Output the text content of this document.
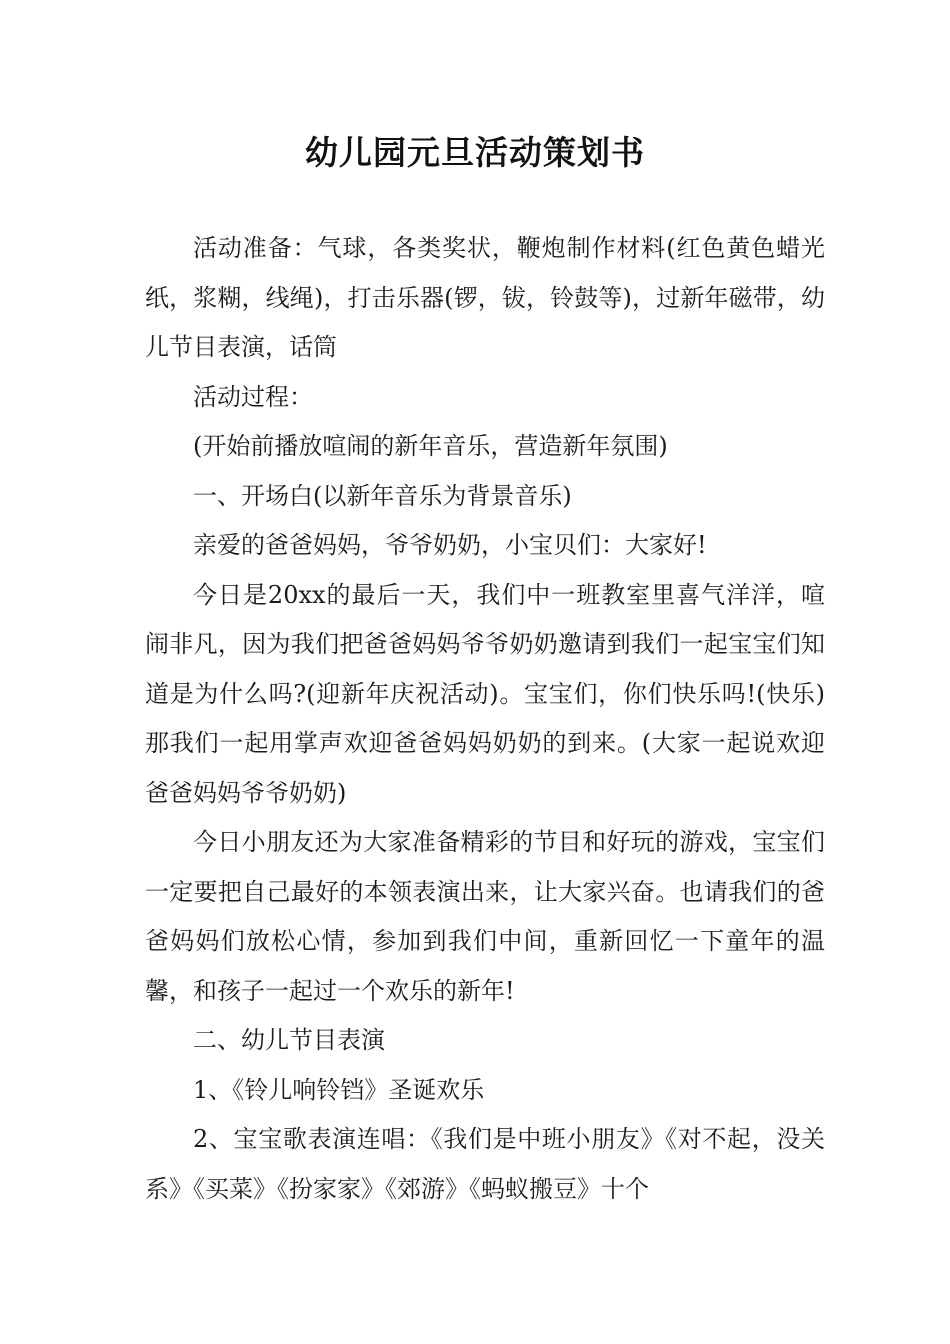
幼儿园元旦活动策划书

活动准备：气球，各类奖状，鞭炮制作材料(红色黄色蜡光纸，浆糊，线绳)，打击乐器(锣，钹，铃鼓等)，过新年磁带，幼儿节目表演，话筒

活动过程：

(开始前播放喧闹的新年音乐，营造新年氛围)

一、开场白(以新年音乐为背景音乐)

亲爱的爸爸妈妈，爷爷奶奶，小宝贝们：大家好!

今日是20xx的最后一天，我们中一班教室里喜气洋洋，喧闹非凡，因为我们把爸爸妈妈爷爷奶奶邀请到我们一起宝宝们知道是为什么吗?(迎新年庆祝活动)。宝宝们，你们快乐吗!(快乐)那我们一起用掌声欢迎爸爸妈妈奶奶的到来。(大家一起说欢迎爸爸妈妈爷爷奶奶)

今日小朋友还为大家准备精彩的节目和好玩的游戏，宝宝们一定要把自己最好的本领表演出来，让大家兴奋。也请我们的爸爸妈妈们放松心情，参加到我们中间，重新回忆一下童年的温馨，和孩子一起过一个欢乐的新年!

二、幼儿节目表演

1、《铃儿响铃铛》圣诞欢乐

2、宝宝歌表演连唱：《我们是中班小朋友》《对不起，没关系》《买菜》《扮家家》《郊游》《蚂蚁搬豆》十个
